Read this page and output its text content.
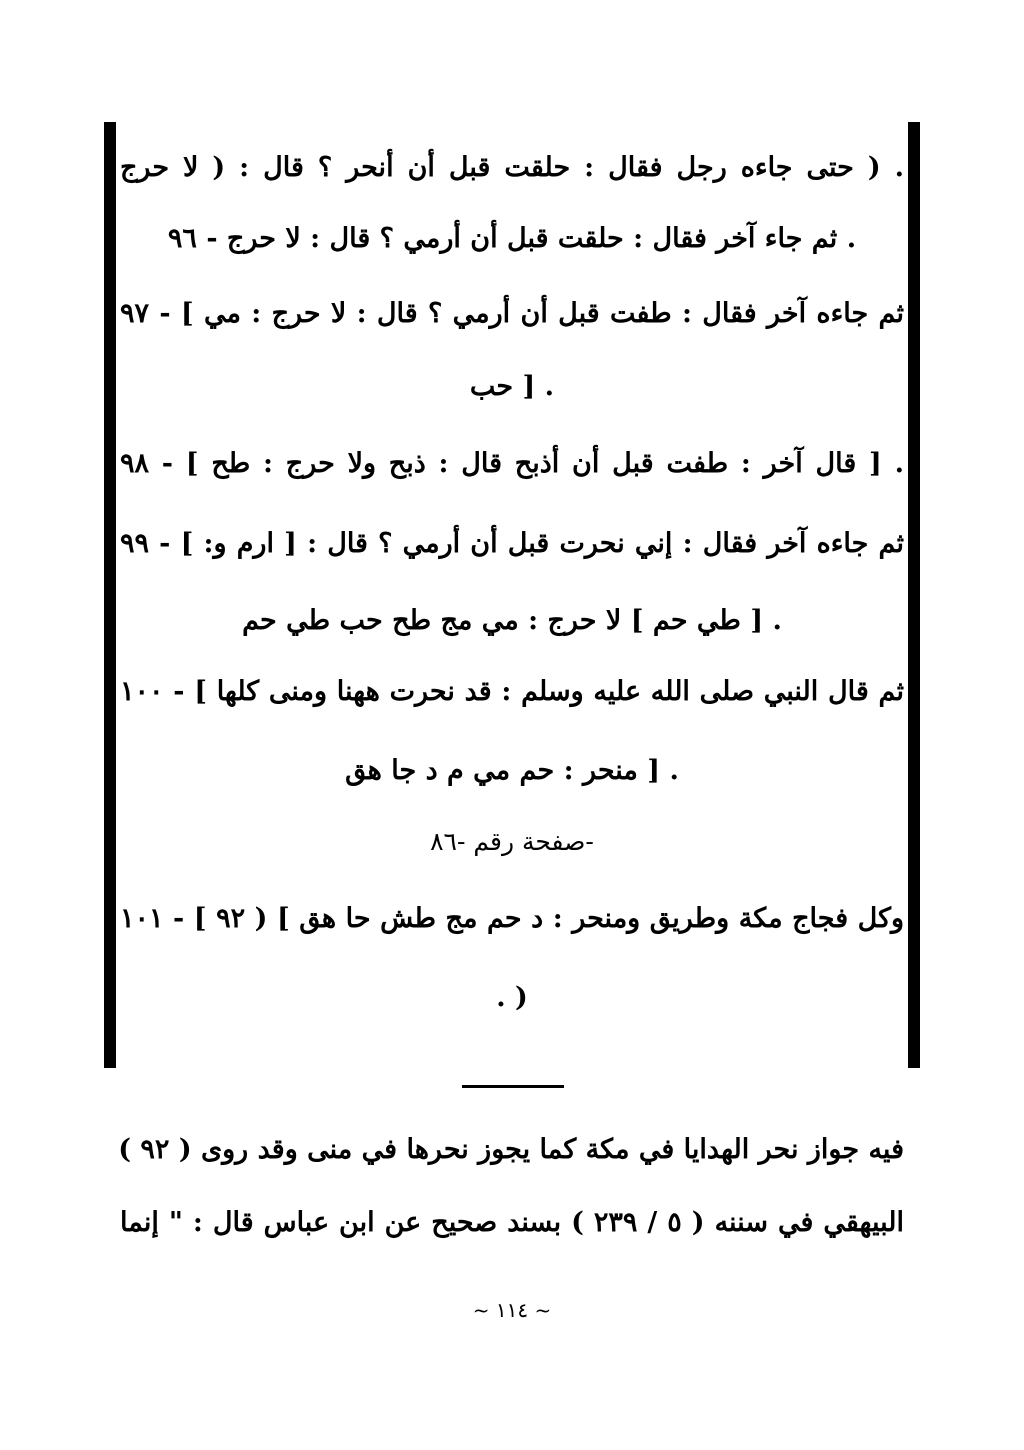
. ( حتى جاءه رجل فقال : حلقت قبل أن أنحر ؟ قال : ( لا حرج
. ثم جاء آخر فقال : حلقت قبل أن أرمي ؟ قال : لا حرج - ٩٦
ثم جاءه آخر فقال : طفت قبل أن أرمي ؟ قال : لا حرج : مي ] - ٩٧
. [ حب
. [ قال آخر : طفت قبل أن أذبح قال : ذبح ولا حرج : طح ] - ٩٨
ثم جاءه آخر فقال : إني نحرت قبل أن أرمي ؟ قال : [ ارم و: ] - ٩٩
. [ طي حم ] لا حرج : مي مج طح حب طي حم
ثم قال النبي صلى الله عليه وسلم : قد نحرت ههنا ومنى كلها ] - ١٠٠
. [ منحر : حم مي م د جا هق
-صفحة رقم -٨٦
وكل فجاج مكة وطريق ومنحر : د حم مج طش حا هق ] ( ٩٢ ] - ١٠١
. )
فيه جواز نحر الهدايا في مكة كما يجوز نحرها في منى وقد روى ( ٩٢ )
البيهقي في سننه ( ٥ / ٢٣٩ ) بسند صحيح عن ابن عباس قال : " إنما
~ ١١٤ ~
